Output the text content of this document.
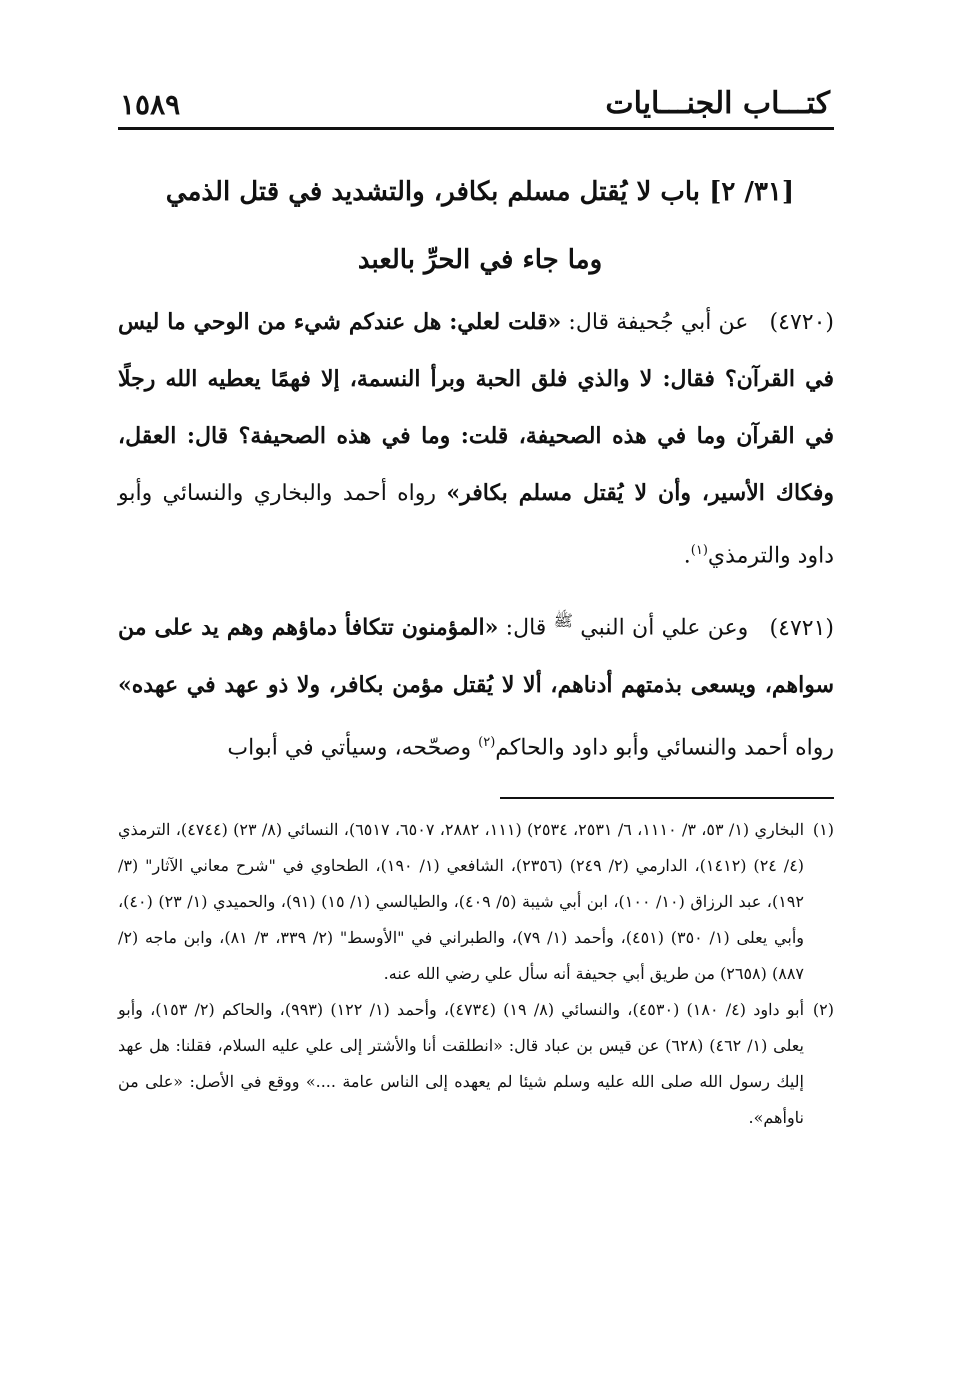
كتـــاب الجنـــايات
١٥٨٩
[٣١/ ٢] باب لا يُقتل مسلم بكافر، والتشديد في قتل الذمي
وما جاء في الحرِّ بالعبد

(٤٧٢٠) عن أبي جُحيفة قال: «قلت لعلي: هل عندكم شيء من الوحي ما ليس في القرآن؟ فقال: لا والذي فلق الحبة وبرأ النسمة، إلا فهمًا يعطيه الله رجلًا في القرآن وما في هذه الصحيفة، قلت: وما في هذه الصحيفة؟ قال: العقل، وفكاك الأسير، وأن لا يُقتل مسلم بكافر» رواه أحمد والبخاري والنسائي وأبو داود والترمذي$^{(١)}$.

(٤٧٢١) وعن علي أن النبي $^ﷺ$ قال: «المؤمنون تتكافأ دماؤهم وهم يد على من سواهم، ويسعى بذمتهم أدناهم، ألا لا يُقتل مؤمن بكافر، ولا ذو عهد في عهده» رواه أحمد والنسائي وأبو داود والحاكم$^{(٢)}$ وصحّحه، وسيأتي في أبواب

(١)
البخاري (١/ ٥٣، ٣/ ١١١٠، ٦/ ٢٥٣١، ٢٥٣٤) (١١١، ٢٨٨٢، ٦٥٠٧، ٦٥١٧)، النسائي (٨/ ٢٣) (٤٧٤٤)، الترمذي (٤/ ٢٤) (١٤١٢)، الدارمي (٢/ ٢٤٩) (٢٣٥٦)، الشافعي (١/ ١٩٠)، الطحاوي في "شرح معاني الآثار" (٣/ ١٩٢)، عبد الرزاق (١٠/ ١٠٠)، ابن أبي شيبة (٥/ ٤٠٩)، والطيالسي (١/ ١٥) (٩١)، والحميدي (١/ ٢٣) (٤٠)، وأبي يعلى (١/ ٣٥٠) (٤٥١)، وأحمد (١/ ٧٩)، والطبراني في "الأوسط" (٢/ ٣٣٩، ٣/ ٨١)، وابن ماجه (٢/ ٨٨٧) (٢٦٥٨) من طريق أبي جحيفة أنه سأل علي رضي الله عنه.

(٢)
أبو داود (٤/ ١٨٠) (٤٥٣٠)، والنسائي (٨/ ١٩) (٤٧٣٤)، وأحمد (١/ ١٢٢) (٩٩٣)، والحاكم (٢/ ١٥٣)، وأبو يعلى (١/ ٤٦٢) (٦٢٨) عن قيس بن عباد قال: «انطلقت أنا والأشتر إلى علي عليه السلام، فقلنا: هل عهد إليك رسول الله صلى الله عليه وسلم شيئا لم يعهده إلى الناس عامة ....» ووقع في الأصل: «على من ناوأهم».
